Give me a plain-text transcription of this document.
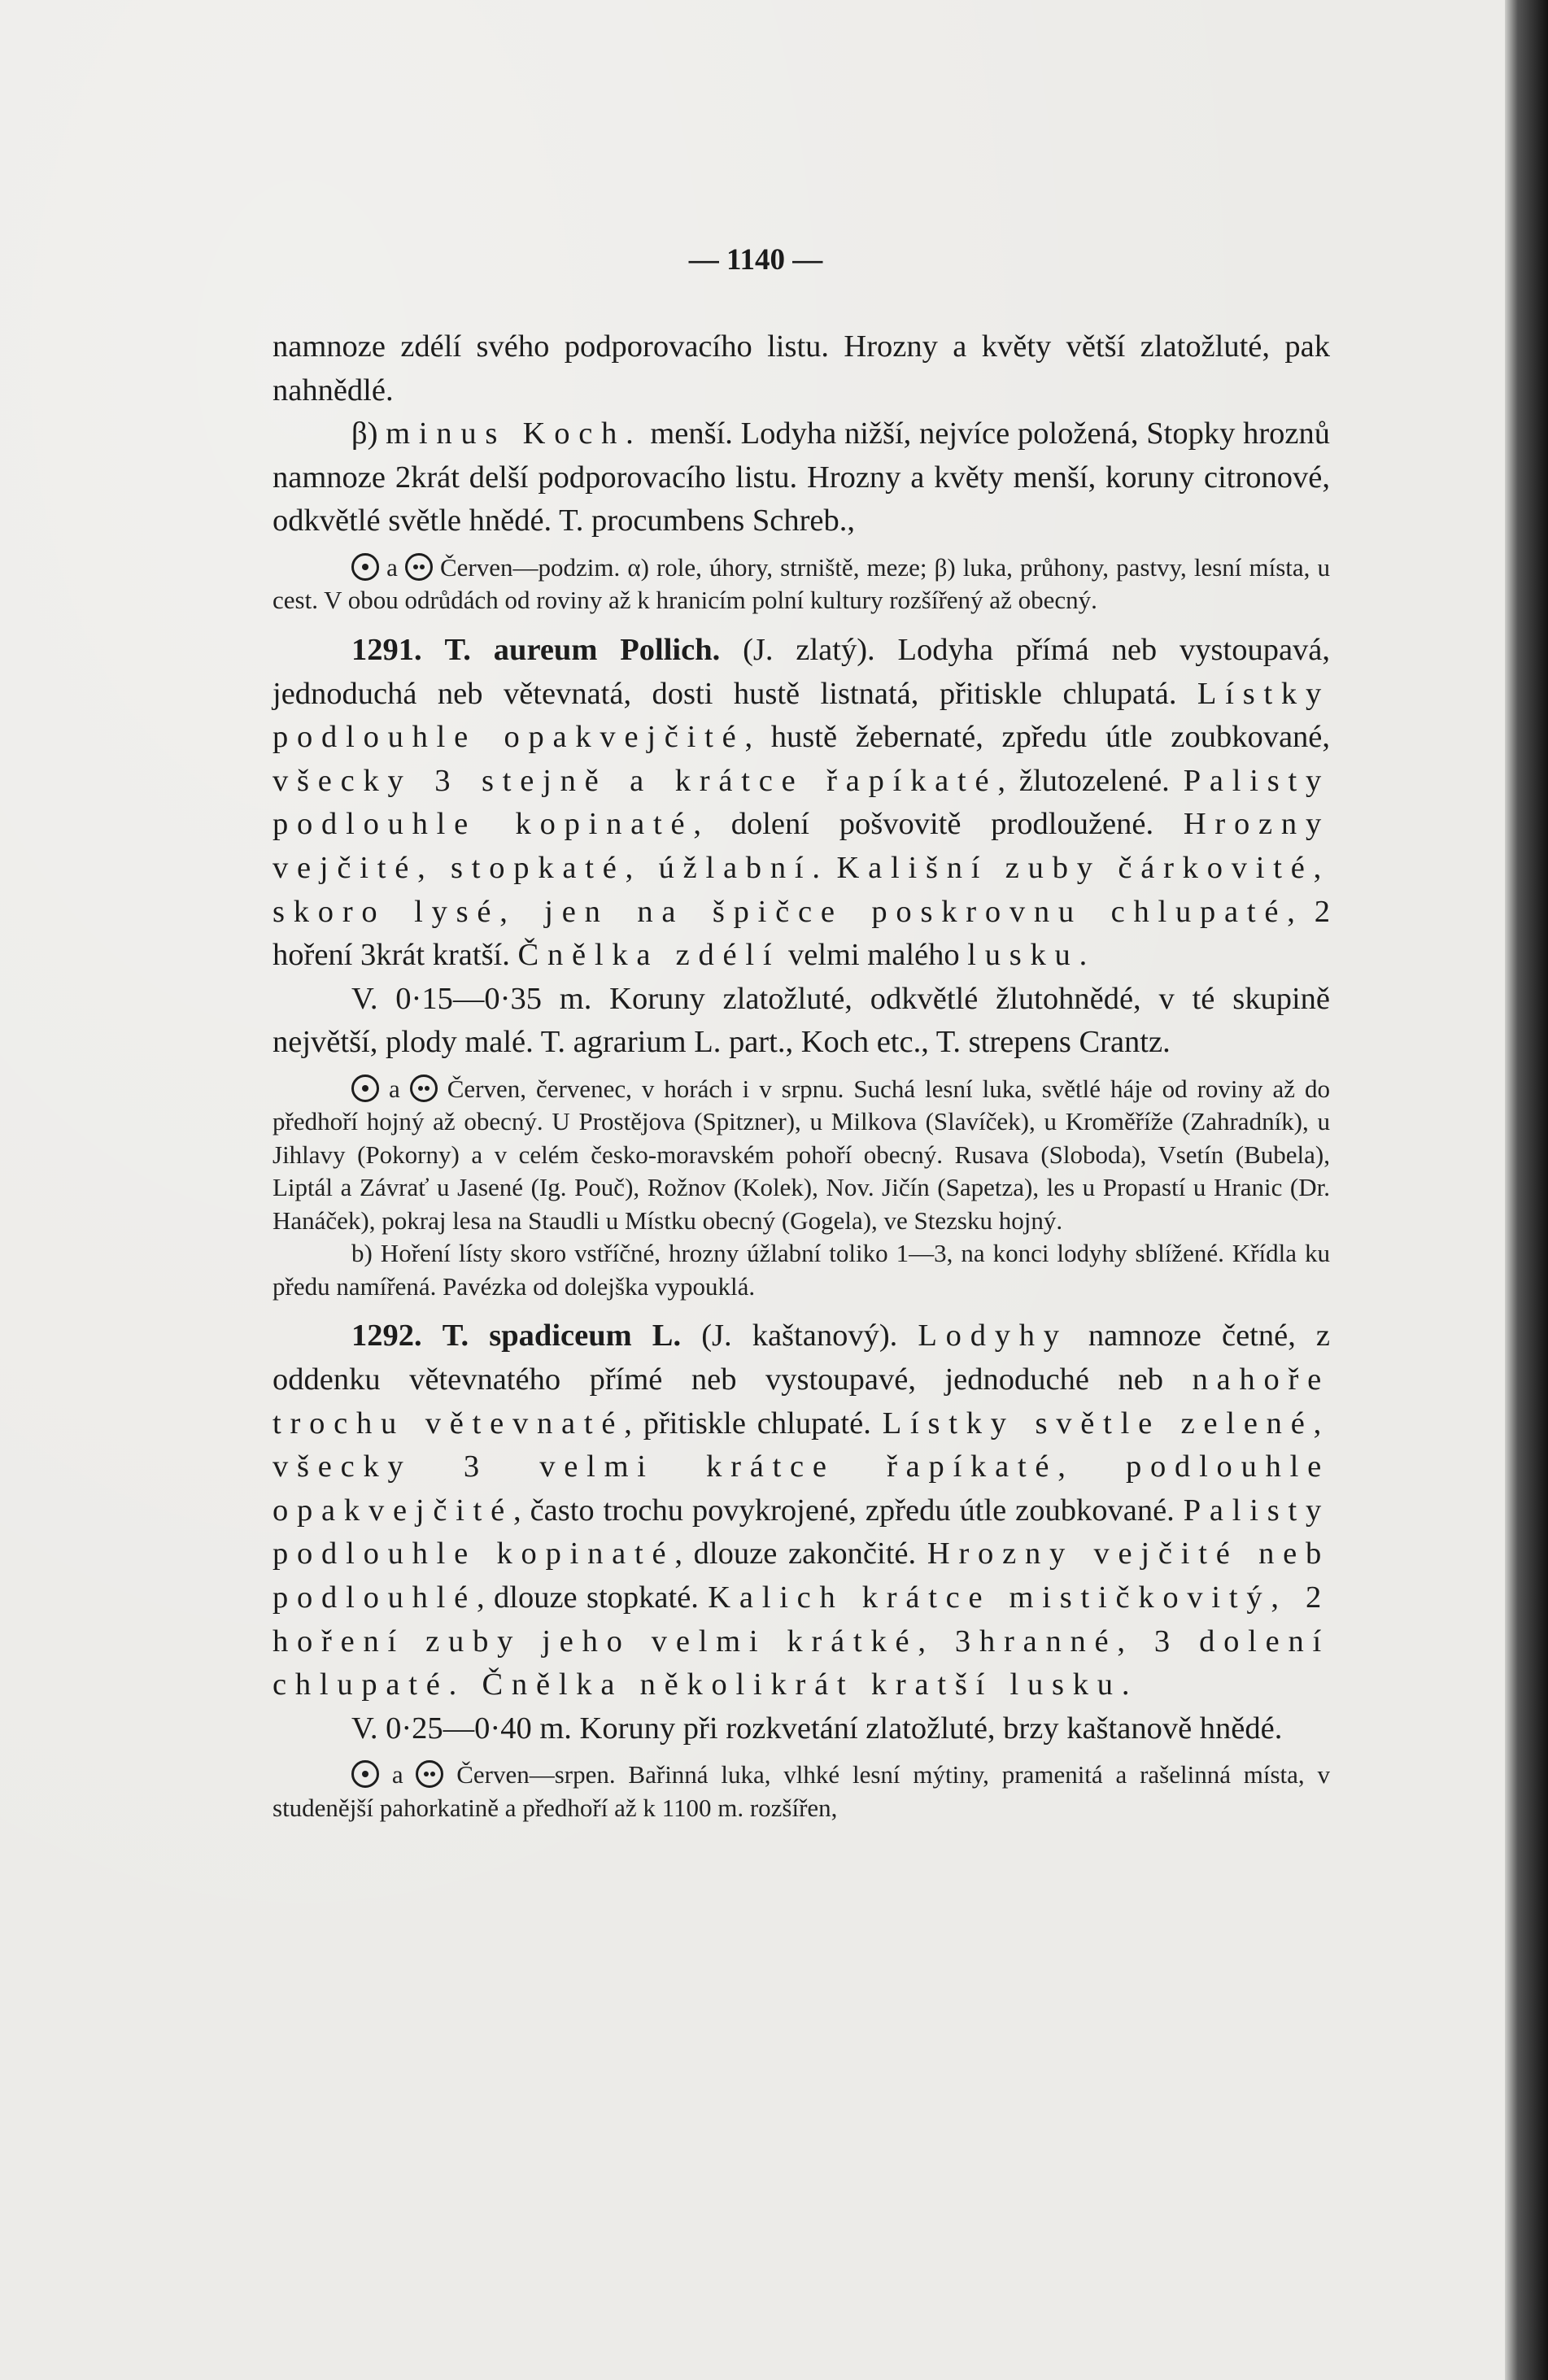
— 1140 —

namnoze zdélí svého podporovacího listu. Hrozny a květy větší zlatožluté, pak nahnědlé.

β) minus Koch. menší. Lodyha nižší, nejvíce položená, Stopky hroznů namnoze 2krát delší podporovacího listu. Hrozny a květy menší, koruny citronové, odkvětlé světle hnědé. T. procumbens Schreb.,

a  Červen—podzim. α) role, úhory, strniště, meze; β) luka, průhony, pastvy, lesní místa, u cest. V obou odrůdách od roviny až k hranicím polní kultury rozšířený až obecný.

1291. T. aureum Pollich. (J. zlatý). Lodyha přímá neb vystoupavá, jednoduchá neb větevnatá, dosti hustě listnatá, přitiskle chlupatá. Lístky podlouhle opakvejčité, hustě žebernaté, zpředu útle zoubkované, všecky 3 stejně a krátce řapíkaté, žlutozelené. Palisty podlouhle kopinaté, dolení pošvovitě prodloužené. Hrozny vejčité, stopkaté, úžlabní. Kališní zuby čárkovité, skoro lysé, jen na špičce poskrovnu chlupaté, 2 hoření 3krát kratší. Čnělka zdélí velmi malého lusku.

V. 0·15—0·35 m. Koruny zlatožluté, odkvětlé žlutohnědé, v té skupině největší, plody malé. T. agrarium L. part., Koch etc., T. strepens Crantz.

a  Červen, červenec, v horách i v srpnu. Suchá lesní luka, světlé háje od roviny až do předhoří hojný až obecný. U Prostějova (Spitzner), u Milkova (Slavíček), u Kroměříže (Zahradník), u Jihlavy (Pokorny) a v celém česko-moravském pohoří obecný. Rusava (Sloboda), Vsetín (Bubela), Liptál a Závrať u Jasené (Ig. Pouč), Rožnov (Kolek), Nov. Jičín (Sapetza), les u Propastí u Hranic (Dr. Hanáček), pokraj lesa na Staudli u Místku obecný (Gogela), ve Stezsku hojný.

b) Hoření lísty skoro vstříčné, hrozny úžlabní toliko 1—3, na konci lodyhy sblížené. Křídla ku předu namířená. Pavézka od dolejška vypouklá.

1292. T. spadiceum L. (J. kaštanový). Lodyhy namnoze četné, z oddenku větevnatého přímé neb vystoupavé, jednoduché neb nahoře trochu větevnaté, přitiskle chlupaté. Lístky světle zelené, všecky 3 velmi krátce řapíkaté, podlouhle opakvejčité, často trochu povykrojené, zpředu útle zoubkované. Palisty podlouhle kopinaté, dlouze zakončité. Hrozny vejčité neb podlouhlé, dlouze stopkaté. Kalich krátce mističkovitý, 2 hoření zuby jeho velmi krátké, 3hranné, 3 dolení chlupaté. Čnělka několikrát kratší lusku.

V. 0·25—0·40 m. Koruny při rozkvetání zlatožluté, brzy kaštanově hnědé.

a  Červen—srpen. Bařinná luka, vlhké lesní mýtiny, pramenitá a rašelinná místa, v studenější pahorkatině a předhoří až k 1100 m. rozšířen,
